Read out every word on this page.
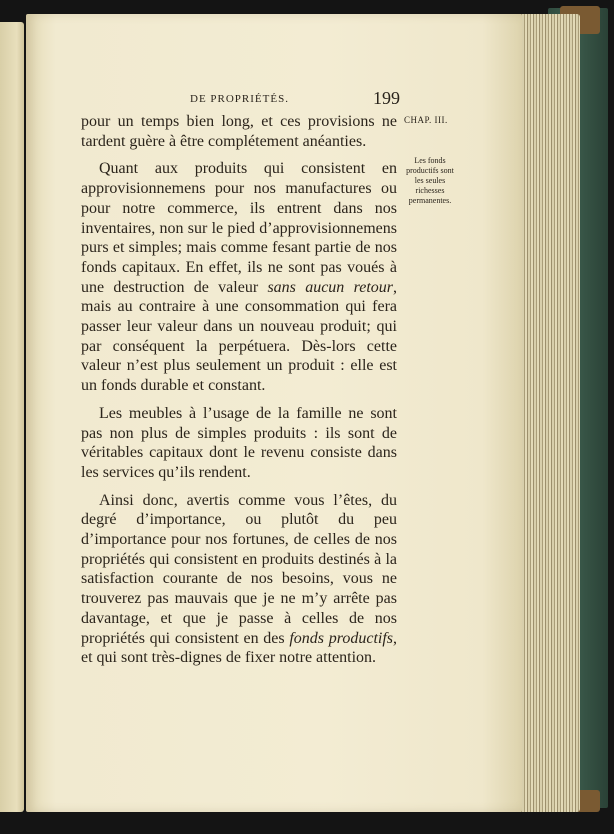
DE PROPRIÉTÉS.	199
CHAP. III.
Les fonds
productifs sont
les seules
richesses
permanentes.

pour un temps bien long, et ces provisions ne tardent guère à être complétement anéanties.

Quant aux produits qui consistent en approvisionnemens pour nos manufactures ou pour notre commerce, ils entrent dans nos inventaires, non sur le pied d’approvisionnemens purs et simples; mais comme fesant partie de nos fonds capitaux. En effet, ils ne sont pas voués à une destruction de valeur sans aucun retour, mais au contraire à une consommation qui fera passer leur valeur dans un nouveau produit; qui par conséquent la perpétuera. Dès-lors cette valeur n’est plus seulement un produit : elle est un fonds durable et constant.

Les meubles à l’usage de la famille ne sont pas non plus de simples produits : ils sont de véritables capitaux dont le revenu consiste dans les services qu’ils rendent.

Ainsi donc, avertis comme vous l’êtes, du degré d’importance, ou plutôt du peu d’importance pour nos fortunes, de celles de nos propriétés qui consistent en produits destinés à la satisfaction courante de nos besoins, vous ne trouverez pas mauvais que je ne m’y arrête pas davantage, et que je passe à celles de nos propriétés qui consistent en des fonds productifs, et qui sont très-dignes de fixer notre attention.
